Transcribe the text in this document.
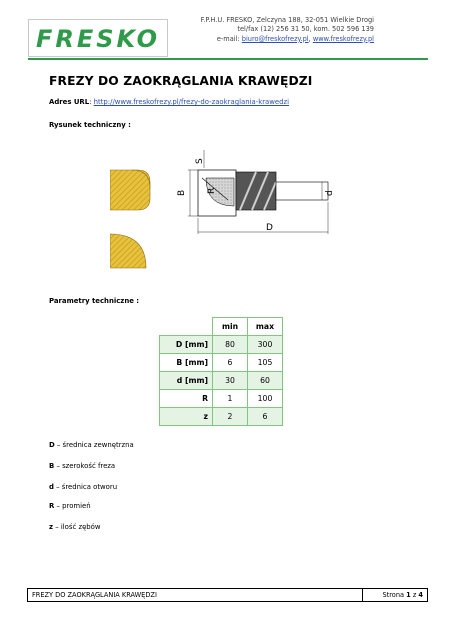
FRESKO
F.P.H.U. FRESKO, Zelczyna 188, 32-051 Wielkie Drogi
tel/fax (12) 256 31 50, kom. 502 596 139
e-mail: biuro@freskofrezy.pl, www.freskofrezy.pl
FREZY DO ZAOKRĄGLANIA KRAWĘDZI
Adres URL: http://www.freskofrezy.pl/frezy-do-zaokraglania-krawedzi
Rysunek techniczny :
B
S
R	d
D
Parametry techniczne :
	min	max
D [mm]	80	300
B [mm]	6	105
d [mm]	30	60
R	1	100
z	2	6
D – średnica zewnętrzna
B – szerokość freza
d – średnica otworu
R – promień
z – ilość zębów
FREZY DO ZAOKRĄGLANIA KRAWĘDZI	Strona 1 z 4
